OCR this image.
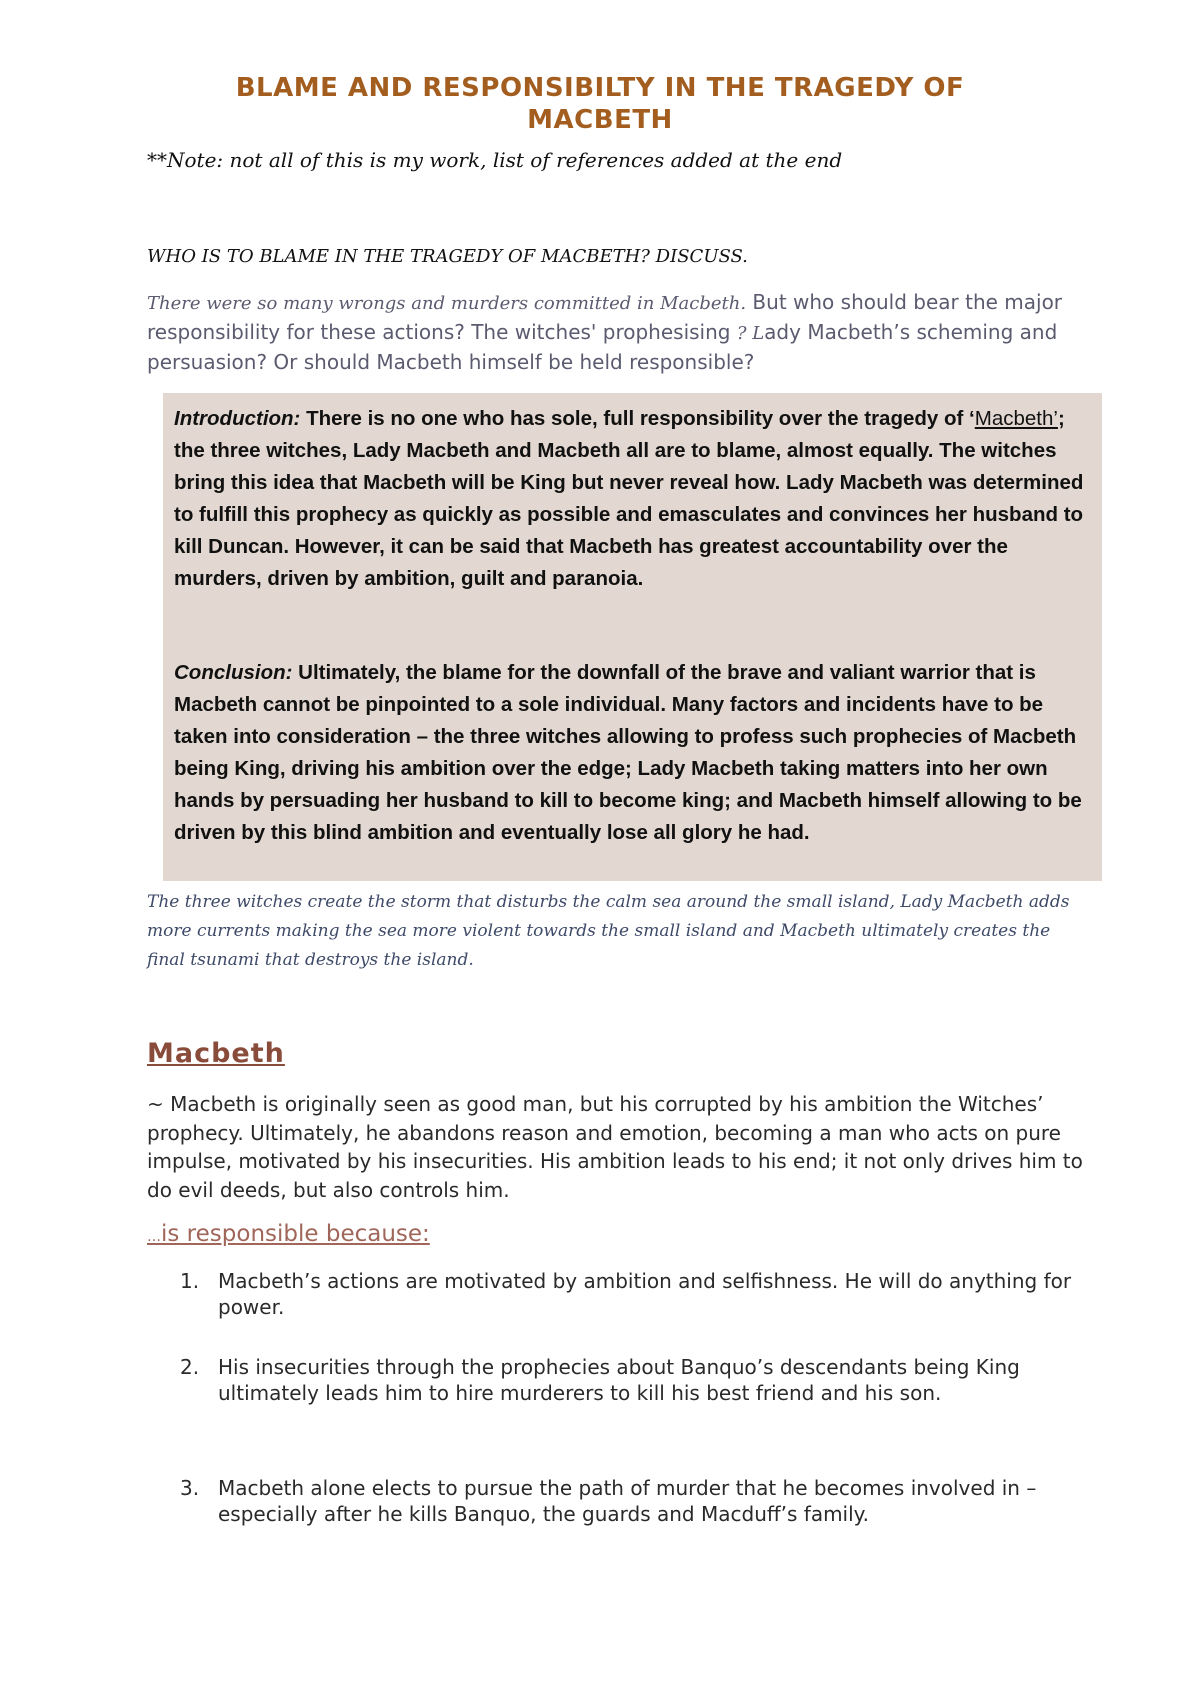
BLAME AND RESPONSIBILTY IN THE TRAGEDY OF
MACBETH
**Note: not all of this is my work, list of references added at the end
WHO IS TO BLAME IN THE TRAGEDY OF MACBETH? DISCUSS.
There were so many wrongs and murders committed in Macbeth. But who should bear the major responsibility for these actions? The witches' prophesising ? Lady Macbeth’s scheming and persuasion? Or should Macbeth himself be held responsible?

Introduction: There is no one who has sole, full responsibility over the tragedy of ‘Macbeth’; the three witches, Lady Macbeth and Macbeth all are to blame, almost equally. The witches bring this idea that Macbeth will be King but never reveal how. Lady Macbeth was determined to fulfill this prophecy as quickly as possible and emasculates and convinces her husband to kill Duncan. However, it can be said that Macbeth has greatest accountability over the murders, driven by ambition, guilt and paranoia.

Conclusion: Ultimately, the blame for the downfall of the brave and valiant warrior that is Macbeth cannot be pinpointed to a sole individual. Many factors and incidents have to be taken into consideration – the three witches allowing to profess such prophecies of Macbeth being King, driving his ambition over the edge; Lady Macbeth taking matters into her own hands by persuading her husband to kill to become king; and Macbeth himself allowing to be driven by this blind ambition and eventually lose all glory he had.

The three witches create the storm that disturbs the calm sea around the small island, Lady Macbeth adds more currents making the sea more violent towards the small island and Macbeth ultimately creates the final tsunami that destroys the island.
Macbeth
~ Macbeth is originally seen as good man, but his corrupted by his ambition the Witches’ prophecy. Ultimately, he abandons reason and emotion, becoming a man who acts on pure impulse, motivated by his insecurities. His ambition leads to his end; it not only drives him to do evil deeds, but also controls him.
…is responsible because:
1. Macbeth’s actions are motivated by ambition and selfishness. He will do anything for power.
2. His insecurities through the prophecies about Banquo’s descendants being King ultimately leads him to hire murderers to kill his best friend and his son.
3. Macbeth alone elects to pursue the path of murder that he becomes involved in – especially after he kills Banquo, the guards and Macduff’s family.
